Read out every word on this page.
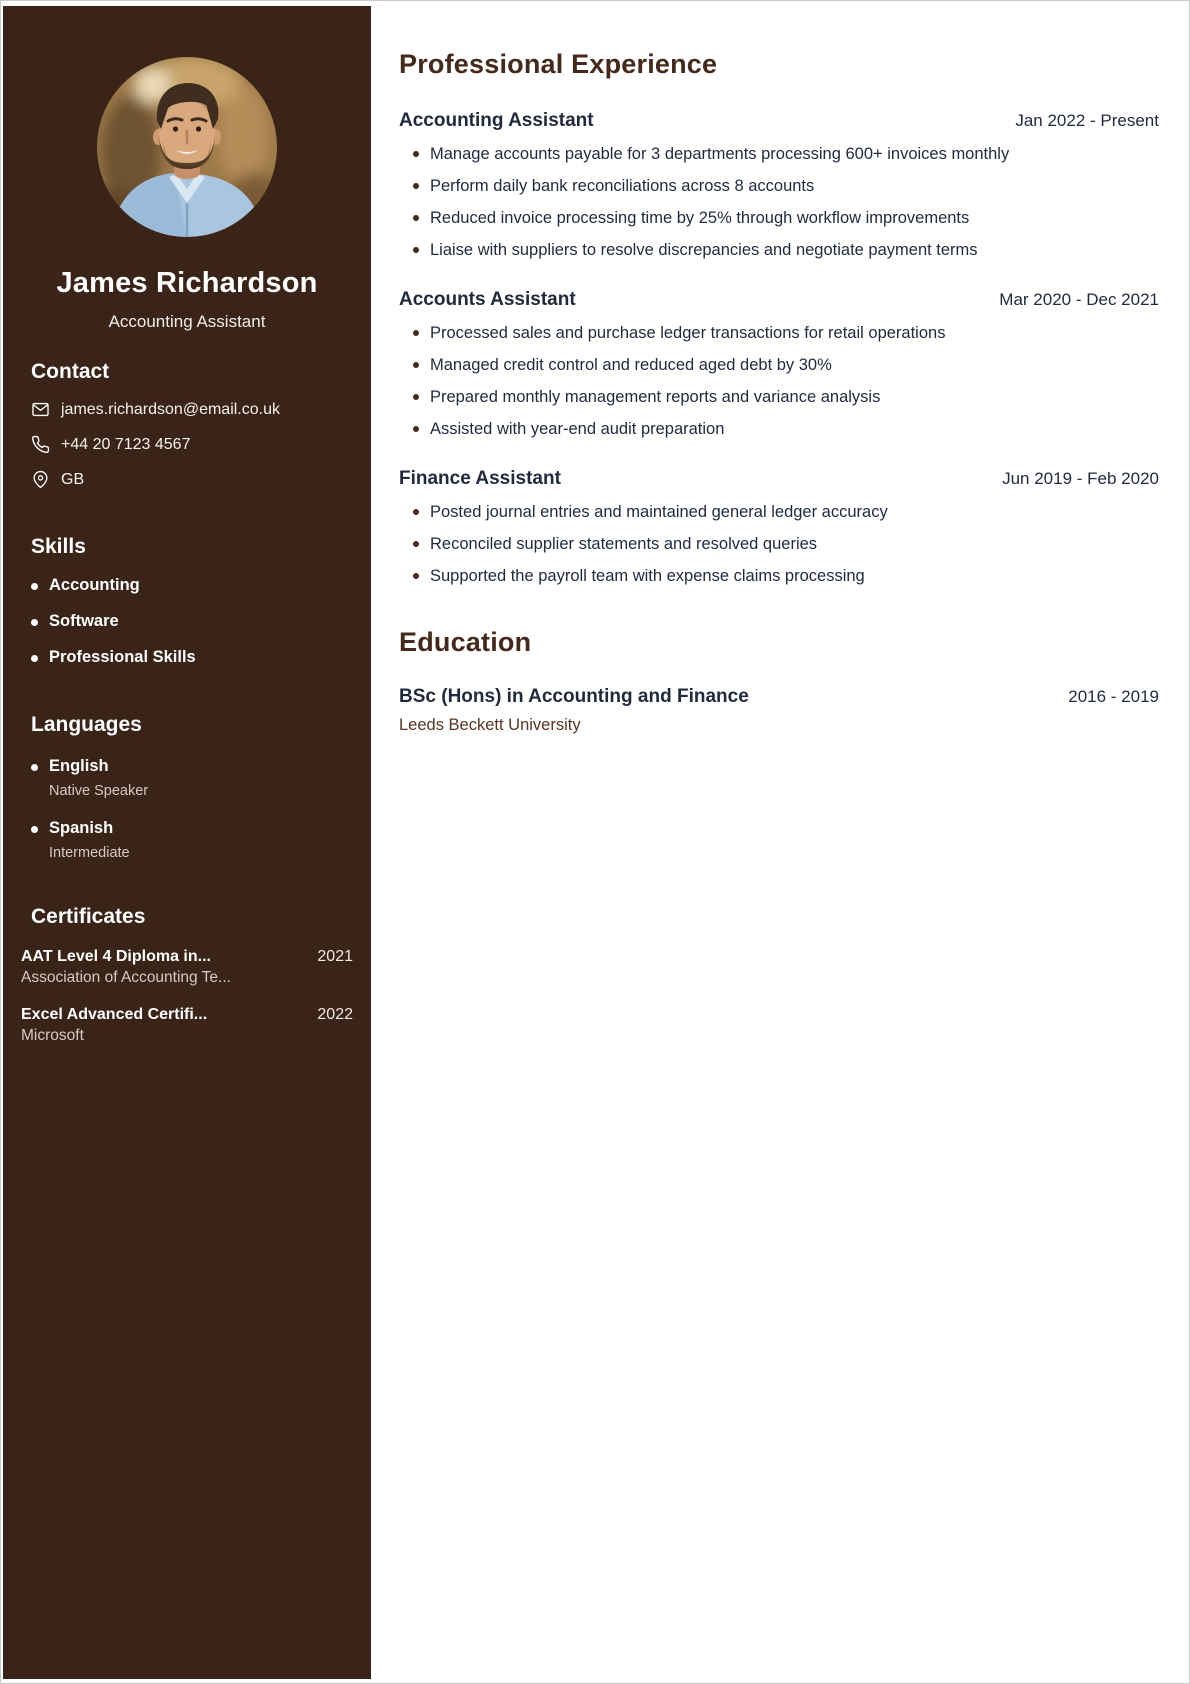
James Richardson
Accounting Assistant
Contact
james.richardson@email.co.uk
+44 20 7123 4567
GB
Skills
Accounting
Software
Professional Skills
Languages
English
Native Speaker
Spanish
Intermediate
Certificates
AAT Level 4 Diploma in...	2021
Association of Accounting Te...
Excel Advanced Certifi...	2022
Microsoft
Professional Experience
Accounting Assistant	Jan 2022 - Present
Manage accounts payable for 3 departments processing 600+ invoices monthly
Perform daily bank reconciliations across 8 accounts
Reduced invoice processing time by 25% through workflow improvements
Liaise with suppliers to resolve discrepancies and negotiate payment terms
Accounts Assistant	Mar 2020 - Dec 2021
Processed sales and purchase ledger transactions for retail operations
Managed credit control and reduced aged debt by 30%
Prepared monthly management reports and variance analysis
Assisted with year-end audit preparation
Finance Assistant	Jun 2019 - Feb 2020
Posted journal entries and maintained general ledger accuracy
Reconciled supplier statements and resolved queries
Supported the payroll team with expense claims processing
Education
BSc (Hons) in Accounting and Finance	2016 - 2019
Leeds Beckett University
